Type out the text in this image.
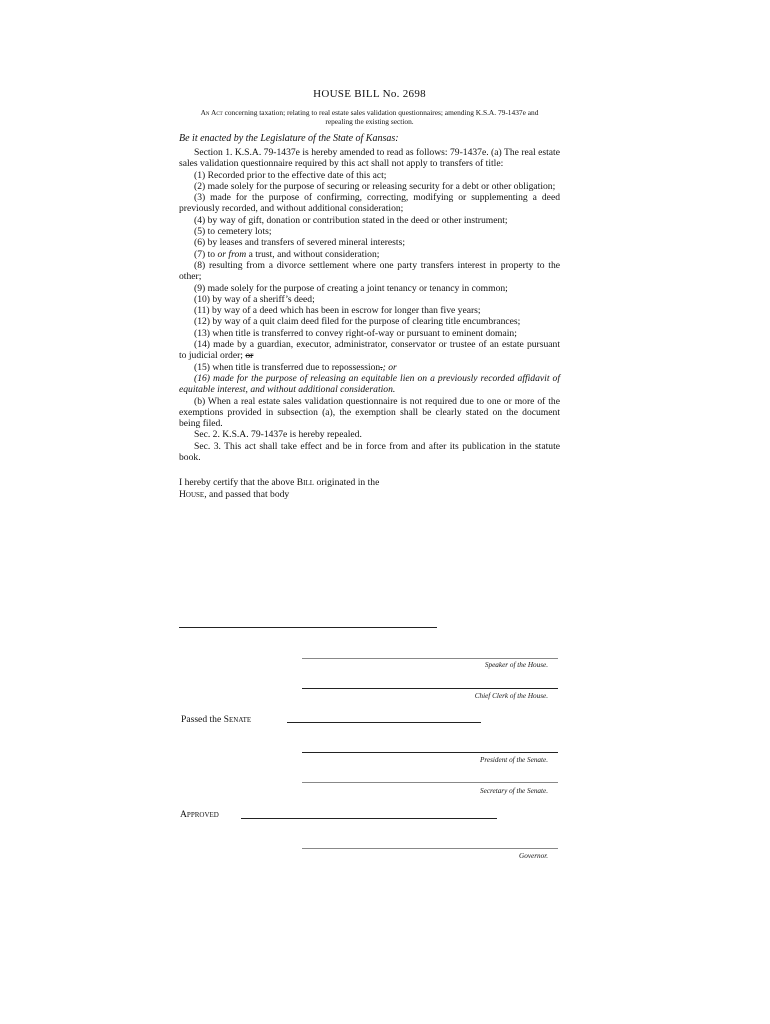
HOUSE BILL No. 2698
An Act concerning taxation; relating to real estate sales validation questionnaires; amending K.S.A. 79-1437e and repealing the existing section.
Be it enacted by the Legislature of the State of Kansas:

Section 1. K.S.A. 79-1437e is hereby amended to read as follows: 79-1437e. (a) The real estate sales validation questionnaire required by this act shall not apply to transfers of title:

(1) Recorded prior to the effective date of this act;

(2) made solely for the purpose of securing or releasing security for a debt or other obligation;

(3) made for the purpose of confirming, correcting, modifying or supplementing a deed previously recorded, and without additional consideration;

(4) by way of gift, donation or contribution stated in the deed or other instrument;

(5) to cemetery lots;

(6) by leases and transfers of severed mineral interests;

(7) to or from a trust, and without consideration;

(8) resulting from a divorce settlement where one party transfers interest in property to the other;

(9) made solely for the purpose of creating a joint tenancy or tenancy in common;

(10) by way of a sheriff’s deed;

(11) by way of a deed which has been in escrow for longer than five years;

(12) by way of a quit claim deed filed for the purpose of clearing title encumbrances;

(13) when title is transferred to convey right-of-way or pursuant to eminent domain;

(14) made by a guardian, executor, administrator, conservator or trustee of an estate pursuant to judicial order; or

(15) when title is transferred due to repossession.; or

(16) made for the purpose of releasing an equitable lien on a previously recorded affidavit of equitable interest, and without additional consideration.

(b) When a real estate sales validation questionnaire is not required due to one or more of the exemptions provided in subsection (a), the exemption shall be clearly stated on the document being filed.

Sec. 2. K.S.A. 79-1437e is hereby repealed.

Sec. 3. This act shall take effect and be in force from and after its publication in the statute book.

I hereby certify that the above Bill originated in the
House, and passed that body
Speaker of the House.
Chief Clerk of the House.
Passed the Senate
President of the Senate.
Secretary of the Senate.
Approved
Governor.
